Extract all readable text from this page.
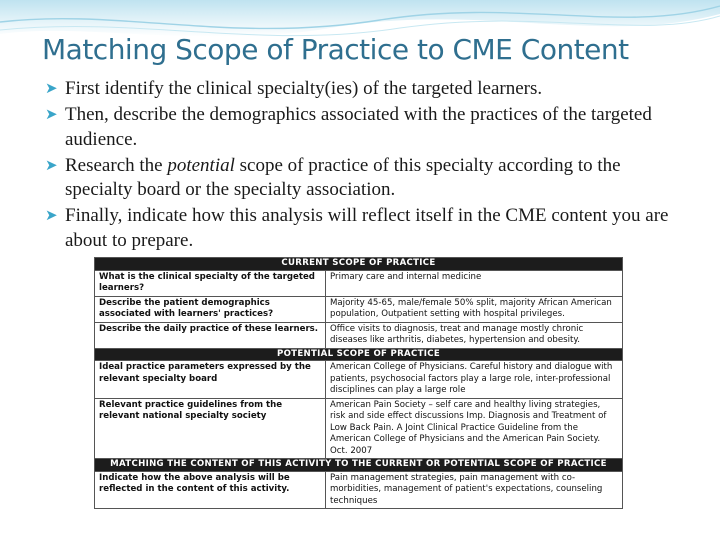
Matching Scope of Practice to CME Content
➤ First identify the clinical specialty(ies) of the targeted learners.
➤ Then, describe the demographics associated with the practices of the targeted audience.
➤ Research the potential scope of practice of this specialty according to the specialty board or the specialty association.
➤ Finally, indicate how this analysis will reflect itself in the CME content you are about to prepare.
CURRENT SCOPE OF PRACTICE	
What is the clinical specialty of the targeted learners?	Primary care and internal medicine
Describe the patient demographics associated with learners' practices?	Majority 45-65, male/female 50% split, majority African American population, Outpatient setting with hospital privileges.
Describe the daily practice of these learners.	Office visits to diagnosis, treat and manage mostly chronic diseases like arthritis, diabetes, hypertension and obesity.
POTENTIAL SCOPE OF PRACTICE	
Ideal practice parameters expressed by the relevant specialty board	American College of Physicians. Careful history and dialogue with patients, psychosocial factors play a large role, inter-professional disciplines can play a large role
Relevant practice guidelines from the relevant national specialty society	American Pain Society – self care and healthy living strategies, risk and side effect discussions Imp. Diagnosis and Treatment of Low Back Pain. A Joint Clinical Practice Guideline from the American College of Physicians and the American Pain Society. Oct. 2007
MATCHING THE CONTENT OF THIS ACTIVITY TO THE CURRENT OR POTENTIAL SCOPE OF PRACTICE	
Indicate how the above analysis will be reflected in the content of this activity.	Pain management strategies, pain management with co-morbidities, management of patient's expectations, counseling techniques
